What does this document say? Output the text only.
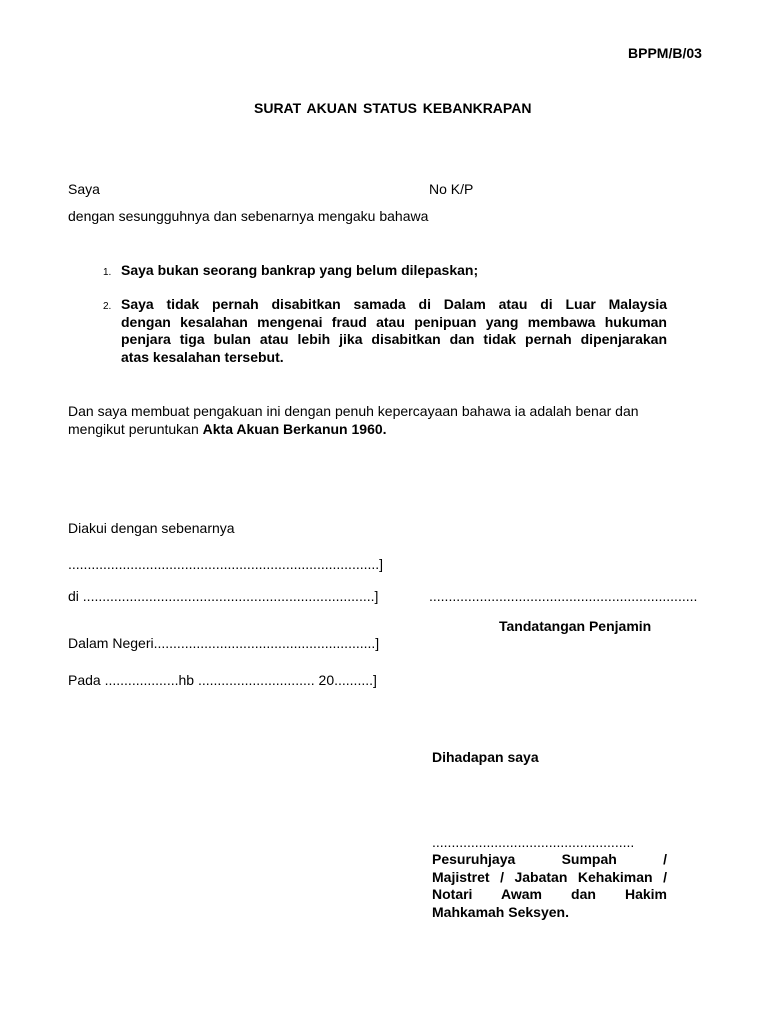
BPPM/B/03
SURAT AKUAN STATUS KEBANKRAPAN
Saya	No K/P
dengan sesungguhnya dan sebenarnya mengaku bahawa
1. Saya bukan seorang bankrap yang belum dilepaskan;
2. Saya tidak pernah disabitkan samada di Dalam atau di Luar Malaysia
dengan kesalahan mengenai fraud atau penipuan yang membawa hukuman
penjara tiga bulan atau lebih jika disabitkan dan tidak pernah dipenjarakan
atas kesalahan tersebut.
Dan saya membuat pengakuan ini dengan penuh kepercayaan bahawa ia adalah benar dan
mengikut peruntukan Akta Akuan Berkanun 1960.
Diakui dengan sebenarnya
................................................................................]
di ...........................................................................]
Dalam Negeri.........................................................]
Pada ...................hb .............................. 20..........]
.....................................................................
Tandatangan Penjamin
Dihadapan saya
....................................................
Pesuruhjaya Sumpah /
Majistret / Jabatan Kehakiman /
Notari Awam dan Hakim
Mahkamah Seksyen.
